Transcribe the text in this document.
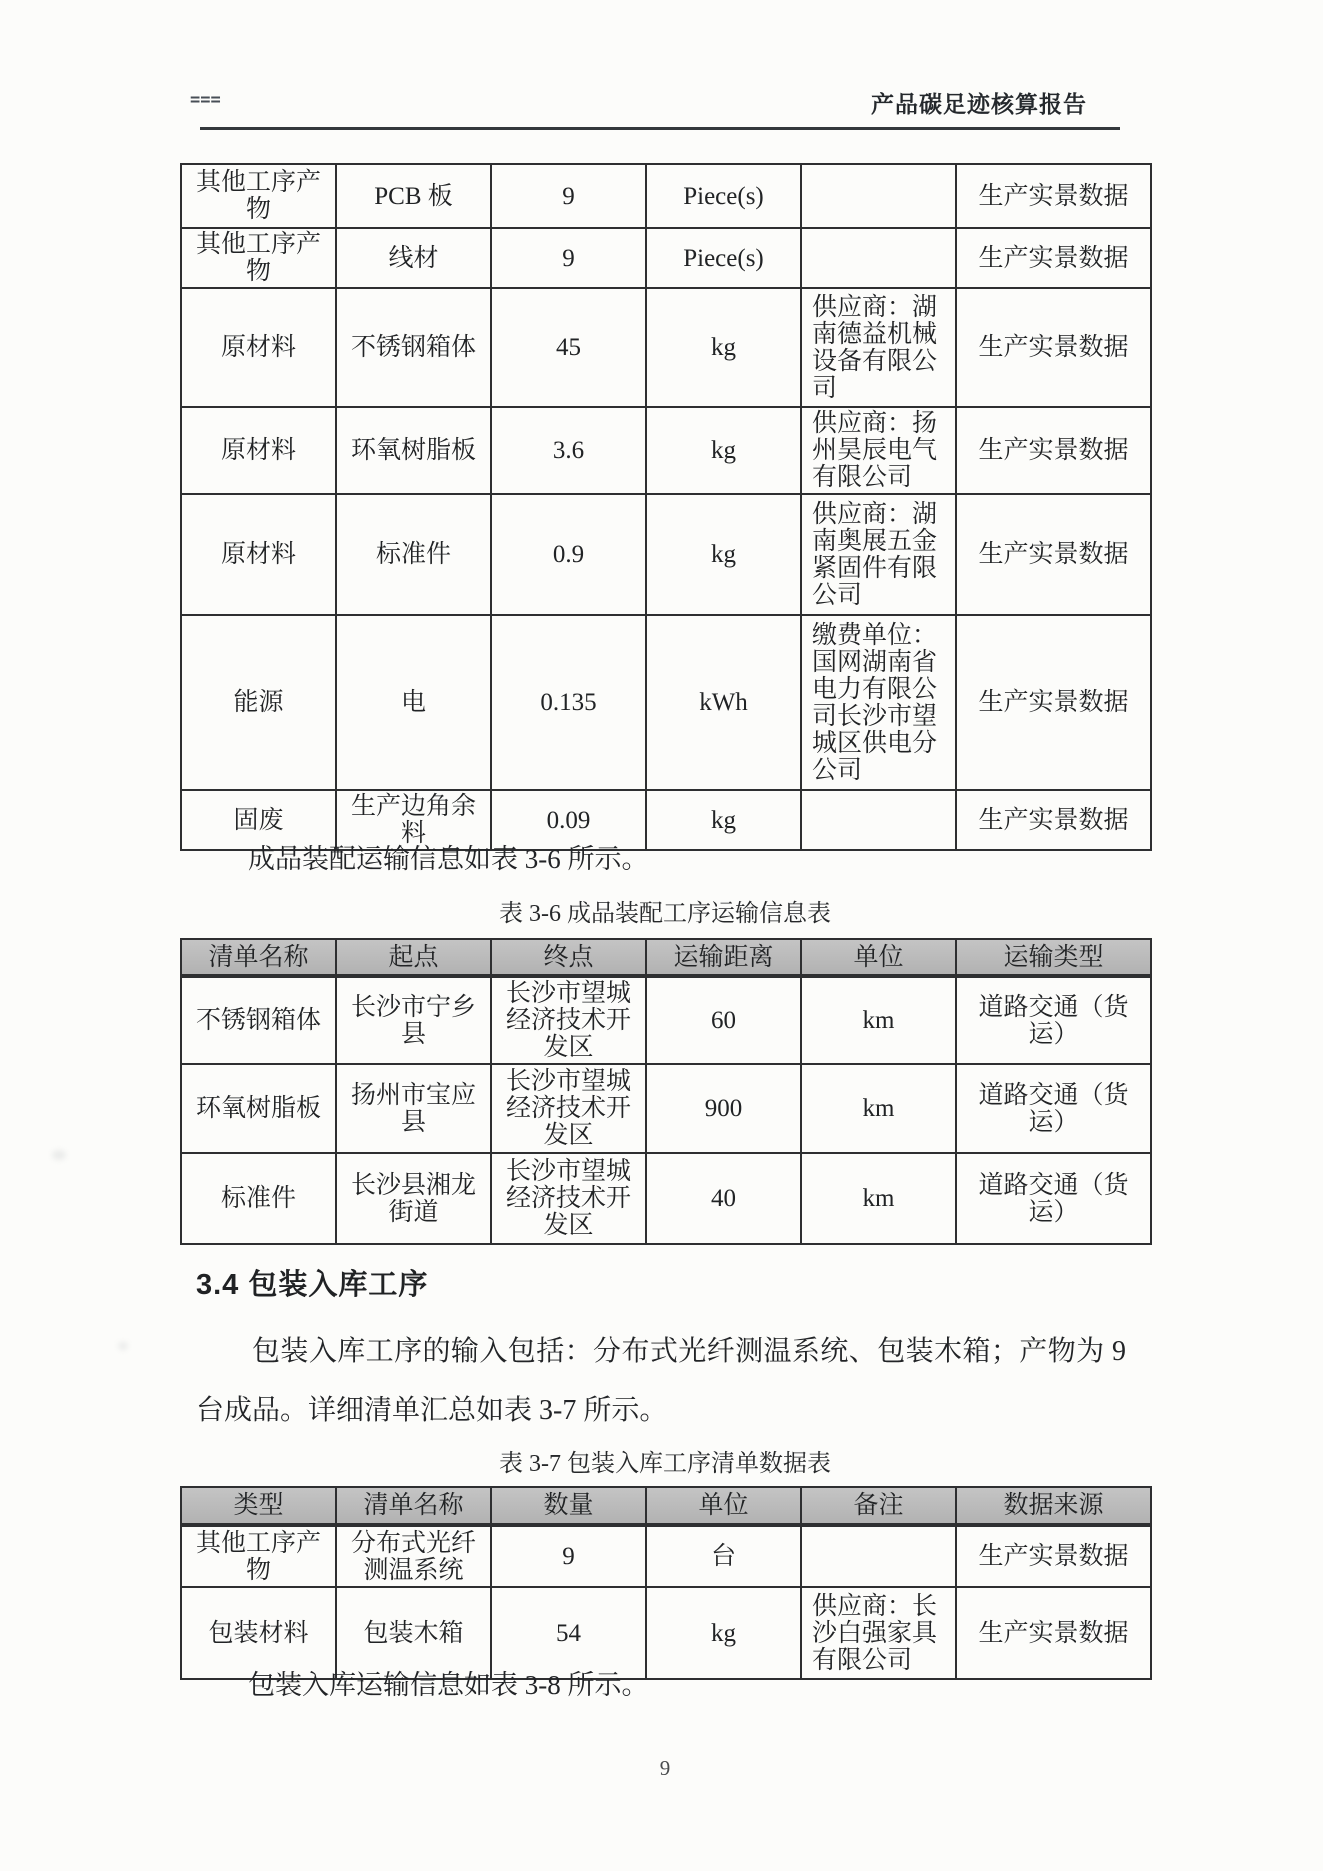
===	产品碳足迹核算报告
其他工序产物	PCB 板	9	Piece(s)		生产实景数据
其他工序产物	线材	9	Piece(s)		生产实景数据
原材料	不锈钢箱体	45	kg	供应商：湖南德益机械设备有限公司	生产实景数据
原材料	环氧树脂板	3.6	kg	供应商：扬州昊辰电气有限公司	生产实景数据
原材料	标准件	0.9	kg	供应商：湖南奥展五金紧固件有限公司	生产实景数据
能源	电	0.135	kWh	缴费单位：国网湖南省电力有限公司长沙市望城区供电分公司	生产实景数据
固废	生产边角余料	0.09	kg		生产实景数据

成品装配运输信息如表 3-6 所示。

表 3-6 成品装配工序运输信息表
清单名称	起点	终点	运输距离	单位	运输类型
不锈钢箱体	长沙市宁乡县	长沙市望城经济技术开发区	60	km	道路交通（货运）
环氧树脂板	扬州市宝应县	长沙市望城经济技术开发区	900	km	道路交通（货运）
标准件	长沙县湘龙街道	长沙市望城经济技术开发区	40	km	道路交通（货运）
3.4 包装入库工序

包装入库工序的输入包括：分布式光纤测温系统、包装木箱；产物为 9 台成品。详细清单汇总如表 3-7 所示。

表 3-7 包装入库工序清单数据表
类型	清单名称	数量	单位	备注	数据来源
其他工序产物	分布式光纤测温系统	9	台		生产实景数据
包装材料	包装木箱	54	kg	供应商：长沙白强家具有限公司	生产实景数据

包装入库运输信息如表 3-8 所示。

9
